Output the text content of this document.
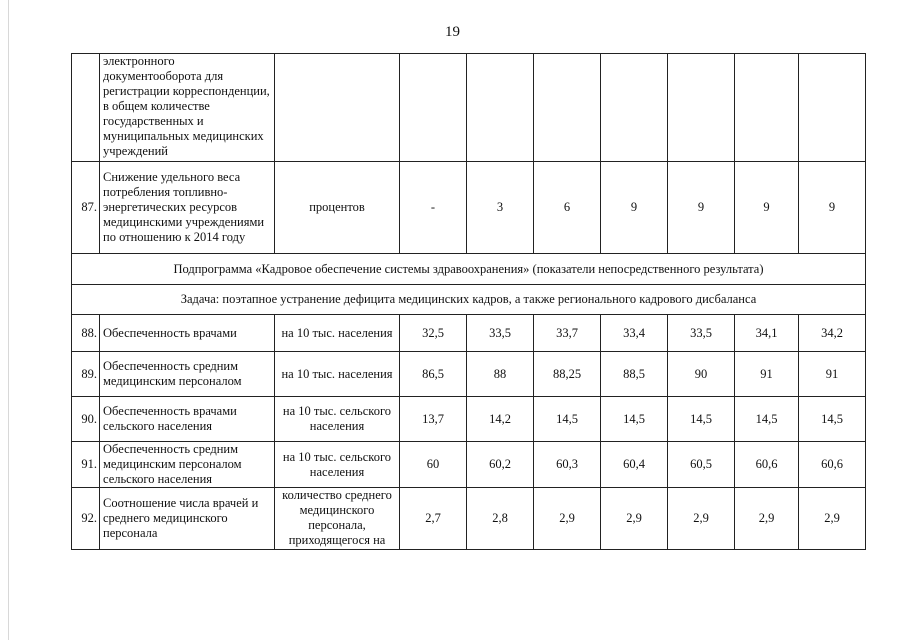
19
	электронного документооборота для регистрации корреспонденции, в общем количестве государственных и муниципальных медицинских учреждений								
87.	Снижение удельного веса потребления топливно-энергетических ресурсов медицинскими учреждениями по отношению к 2014 году	процентов	-	3	6	9	9	9	9
Подпрограмма «Кадровое обеспечение системы здравоохранения» (показатели непосредственного результата)									
Задача: поэтапное устранение дефицита медицинских кадров, а также регионального кадрового дисбаланса									
88.	Обеспеченность врачами	на 10 тыс. населения	32,5	33,5	33,7	33,4	33,5	34,1	34,2
89.	Обеспеченность средним медицинским персоналом	на 10 тыс. населения	86,5	88	88,25	88,5	90	91	91
90.	Обеспеченность врачами сельского населения	на 10 тыс. сельского населения	13,7	14,2	14,5	14,5	14,5	14,5	14,5
91.	Обеспеченность средним медицинским персоналом сельского населения	на 10 тыс. сельского населения	60	60,2	60,3	60,4	60,5	60,6	60,6
92.	Соотношение числа врачей и среднего медицинского персонала	количество среднего медицинского персонала, приходящегося на	2,7	2,8	2,9	2,9	2,9	2,9	2,9
